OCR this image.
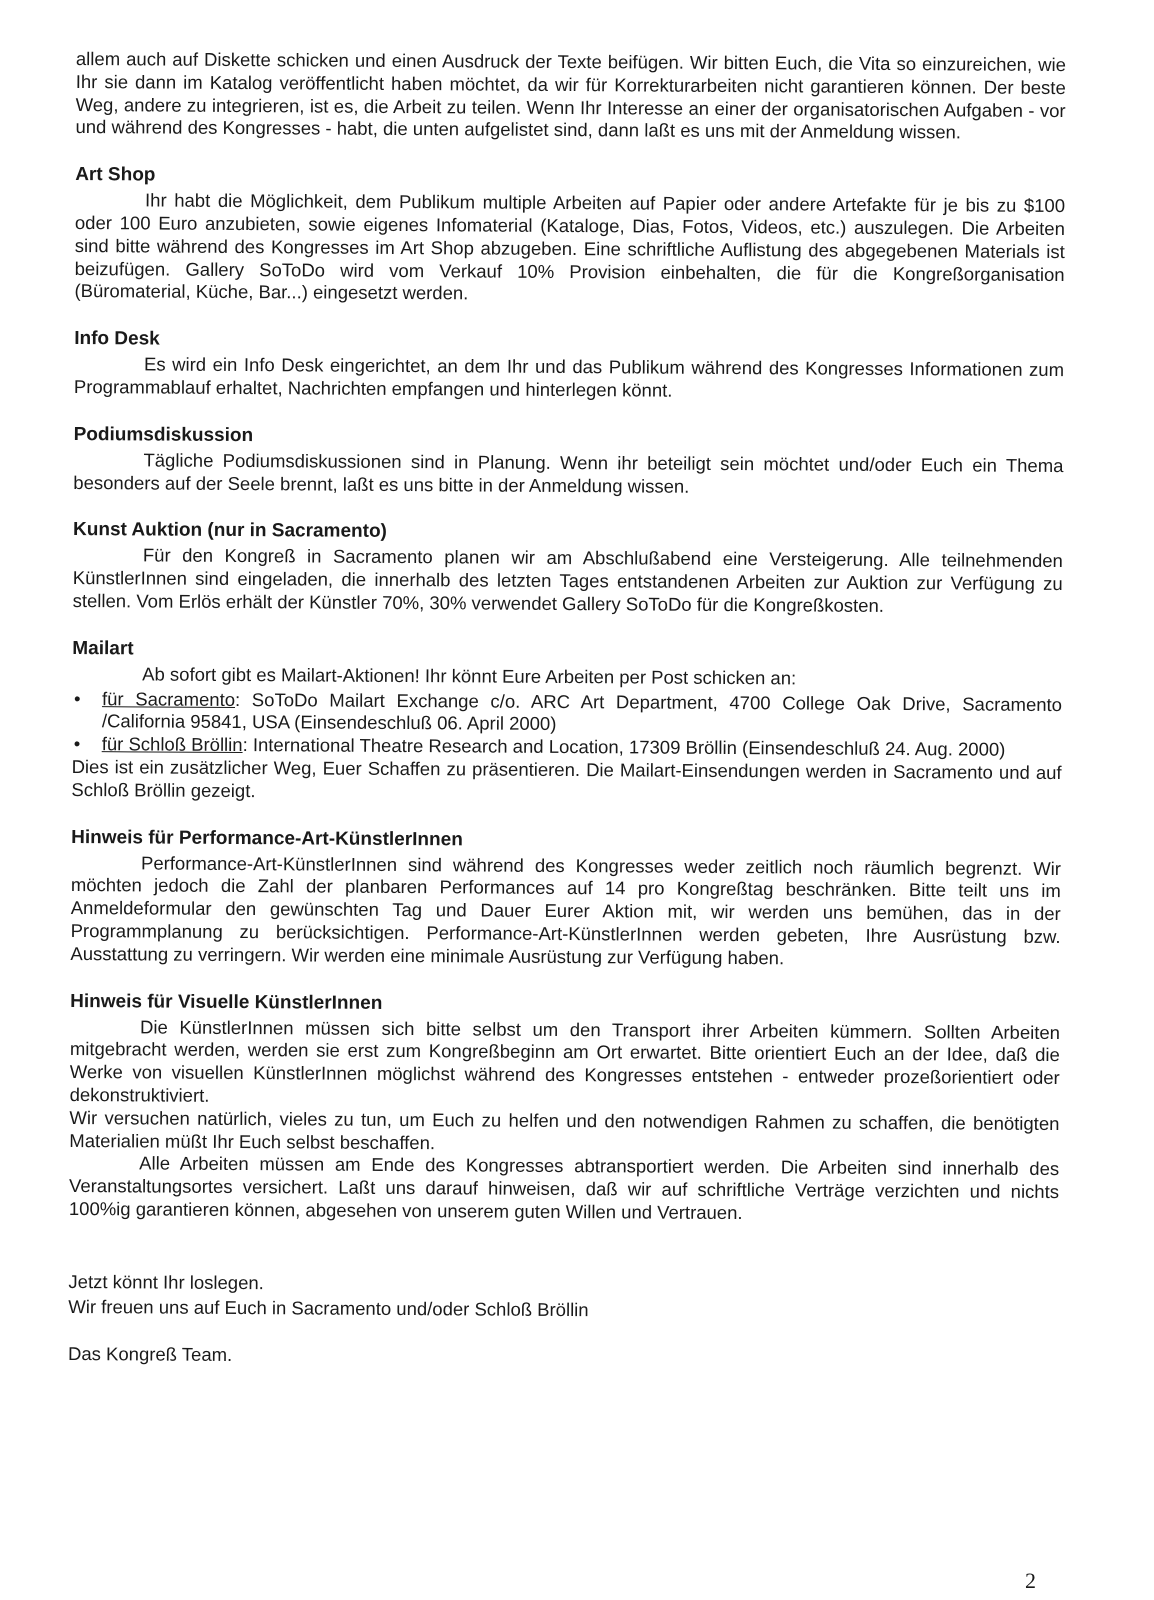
allem auch auf Diskette schicken und einen Ausdruck der Texte beifügen. Wir bitten Euch, die Vita so einzureichen, wie Ihr sie dann im Katalog veröffentlicht haben möchtet, da wir für Korrekturarbeiten nicht garantieren können. Der beste Weg, andere zu integrieren, ist es, die Arbeit zu teilen. Wenn Ihr Interesse an einer der organisatorischen Aufgaben - vor und während des Kongresses - habt, die unten aufgelistet sind, dann laßt es uns mit der Anmeldung wissen.

Art Shop

Ihr habt die Möglichkeit, dem Publikum multiple Arbeiten auf Papier oder andere Artefakte für je bis zu $100 oder 100 Euro anzubieten, sowie eigenes Infomaterial (Kataloge, Dias, Fotos, Videos, etc.) auszulegen. Die Arbeiten sind bitte während des Kongresses im Art Shop abzugeben. Eine schriftliche Auflistung des abgegebenen Materials ist beizufügen. Gallery SoToDo wird vom Verkauf 10% Provision einbehalten, die für die Kongreßorganisation (Büromaterial, Küche, Bar...) eingesetzt werden.

Info Desk

Es wird ein Info Desk eingerichtet, an dem Ihr und das Publikum während des Kongresses Informationen zum Programmablauf erhaltet, Nachrichten empfangen und hinterlegen könnt.

Podiumsdiskussion

Tägliche Podiumsdiskussionen sind in Planung. Wenn ihr beteiligt sein möchtet und/oder Euch ein Thema besonders auf der Seele brennt, laßt es uns bitte in der Anmeldung wissen.

Kunst Auktion (nur in Sacramento)

Für den Kongreß in Sacramento planen wir am Abschlußabend eine Versteigerung. Alle teilnehmenden KünstlerInnen sind eingeladen, die innerhalb des letzten Tages entstandenen Arbeiten zur Auktion zur Verfügung zu stellen. Vom Erlös erhält der Künstler 70%, 30% verwendet Gallery SoToDo für die Kongreßkosten.

Mailart

Ab sofort gibt es Mailart-Aktionen! Ihr könnt Eure Arbeiten per Post schicken an:

• für Sacramento: SoToDo Mailart Exchange c/o. ARC Art Department, 4700 College Oak Drive, Sacramento /California 95841, USA (Einsendeschluß 06. April 2000)
• für Schloß Bröllin: International Theatre Research and Location, 17309 Bröllin (Einsendeschluß 24. Aug. 2000)

Dies ist ein zusätzlicher Weg, Euer Schaffen zu präsentieren. Die Mailart-Einsendungen werden in Sacramento und auf Schloß Bröllin gezeigt.

Hinweis für Performance-Art-KünstlerInnen

Performance-Art-KünstlerInnen sind während des Kongresses weder zeitlich noch räumlich begrenzt. Wir möchten jedoch die Zahl der planbaren Performances auf 14 pro Kongreßtag beschränken. Bitte teilt uns im Anmeldeformular den gewünschten Tag und Dauer Eurer Aktion mit, wir werden uns bemühen, das in der Programmplanung zu berücksichtigen. Performance-Art-KünstlerInnen werden gebeten, Ihre Ausrüstung bzw. Ausstattung zu verringern. Wir werden eine minimale Ausrüstung zur Verfügung haben.

Hinweis für Visuelle KünstlerInnen

Die KünstlerInnen müssen sich bitte selbst um den Transport ihrer Arbeiten kümmern. Sollten Arbeiten mitgebracht werden, werden sie erst zum Kongreßbeginn am Ort erwartet. Bitte orientiert Euch an der Idee, daß die Werke von visuellen KünstlerInnen möglichst während des Kongresses entstehen - entweder prozeßorientiert oder dekonstruktiviert.

Wir versuchen natürlich, vieles zu tun, um Euch zu helfen und den notwendigen Rahmen zu schaffen, die benötigten Materialien müßt Ihr Euch selbst beschaffen.

Alle Arbeiten müssen am Ende des Kongresses abtransportiert werden. Die Arbeiten sind innerhalb des Veranstaltungsortes versichert. Laßt uns darauf hinweisen, daß wir auf schriftliche Verträge verzichten und nichts 100%ig garantieren können, abgesehen von unserem guten Willen und Vertrauen.

Jetzt könnt Ihr loslegen.
Wir freuen uns auf Euch in Sacramento und/oder Schloß Bröllin
Das Kongreß Team.
2
